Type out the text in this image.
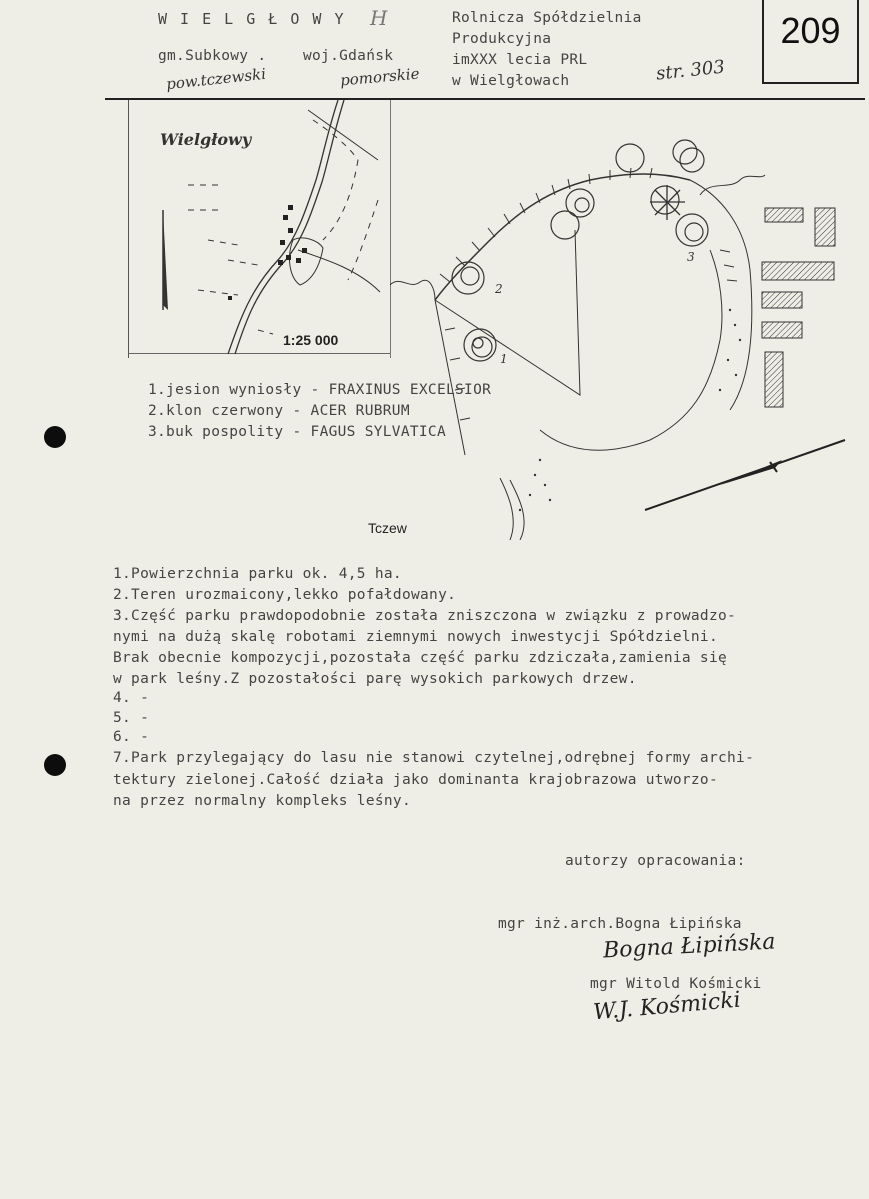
W I E L G Ł O W Y H
gm.Subkowy .	woj.Gdańsk
pow.tczewski	pomorskie
Rolnicza Spółdzielnia
Produkcyjna
imXXX lecia PRL
w Wielgłowach	str. 303
209
Wielgłowy
1:25 000
1
2
3
Tczew
1.jesion wyniosły - FRAXINUS EXCELSIOR
2.klon czerwony - ACER RUBRUM
3.buk pospolity - FAGUS SYLVATICA
1.Powierzchnia parku ok. 4,5 ha.
2.Teren urozmaicony,lekko pofałdowany.
3.Część parku prawdopodobnie została zniszczona w związku z prowadzo-
nymi na dużą skalę robotami ziemnymi nowych inwestycji Spółdzielni.
Brak obecnie kompozycji,pozostała część parku zdziczała,zamienia się
w park leśny.Z pozostałości parę wysokich parkowych drzew.
4. -
5. -
6. -
7.Park przylegający do lasu nie stanowi czytelnej,odrębnej formy archi-
tektury zielonej.Całość działa jako dominanta krajobrazowa utworzo-
na przez normalny kompleks leśny.
autorzy opracowania:
mgr inż.arch.Bogna Łipińska
Bogna Łipińska
mgr Witold Kośmicki
W.J. Kośmicki
